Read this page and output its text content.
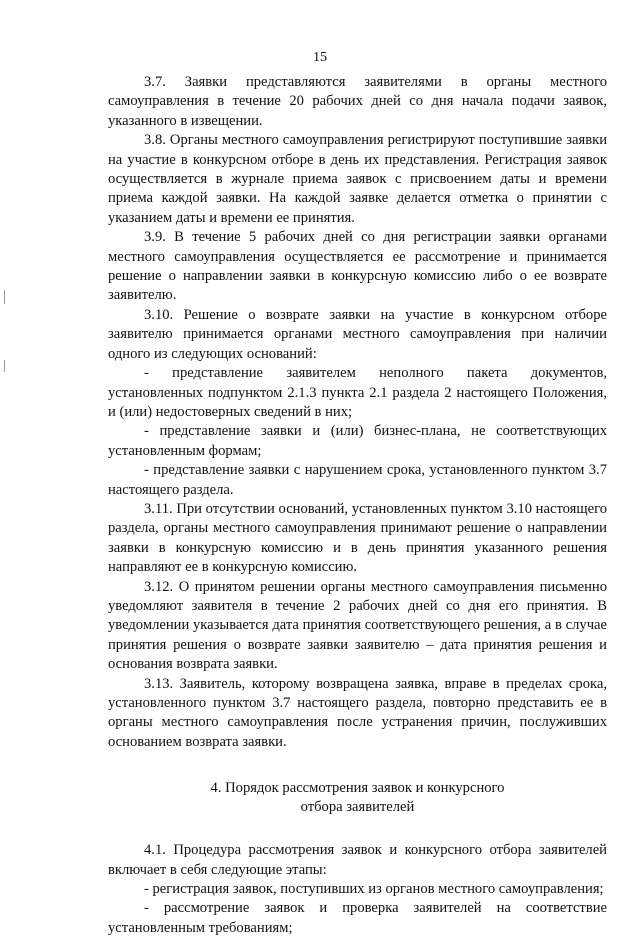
15

3.7. Заявки представляются заявителями в органы местного самоуправления в течение 20 рабочих дней со дня начала подачи заявок, указанного в извещении.

3.8. Органы местного самоуправления регистрируют поступившие заявки на участие в конкурсном отборе в день их представления. Регистрация заявок осуществляется в журнале приема заявок с присвоением даты и времени приема каждой заявки. На каждой заявке делается отметка о принятии с указанием даты и времени ее принятия.

3.9. В течение 5 рабочих дней со дня регистрации заявки органами местного самоуправления осуществляется ее рассмотрение и принимается решение о направлении заявки в конкурсную комиссию либо о ее возврате заявителю.

3.10. Решение о возврате заявки на участие в конкурсном отборе заявителю принимается органами местного самоуправления при наличии одного из следующих оснований:

- представление заявителем неполного пакета документов, установленных подпунктом 2.1.3 пункта 2.1 раздела 2 настоящего Положения, и (или) недостоверных сведений в них;

- представление заявки и (или) бизнес-плана, не соответствующих установленным формам;

- представление заявки с нарушением срока, установленного пунктом 3.7 настоящего раздела.

3.11. При отсутствии оснований, установленных пунктом 3.10 настоящего раздела, органы местного самоуправления принимают решение о направлении заявки в конкурсную комиссию и в день принятия указанного решения направляют ее в конкурсную комиссию.

3.12. О принятом решении органы местного самоуправления письменно уведомляют заявителя в течение 2 рабочих дней со дня его принятия. В уведомлении указывается дата принятия соответствующего решения, а в случае принятия решения о возврате заявки заявителю – дата принятия решения и основания возврата заявки.

3.13. Заявитель, которому возвращена заявка, вправе в пределах срока, установленного пунктом 3.7 настоящего раздела, повторно представить ее в органы местного самоуправления после устранения причин, послуживших основанием возврата заявки.

4. Порядок рассмотрения заявок и конкурсного
отбора заявителей

4.1. Процедура рассмотрения заявок и конкурсного отбора заявителей включает в себя следующие этапы:

- регистрация заявок, поступивших из органов местного самоуправления;

- рассмотрение заявок и проверка заявителей на соответствие установленным требованиям;
